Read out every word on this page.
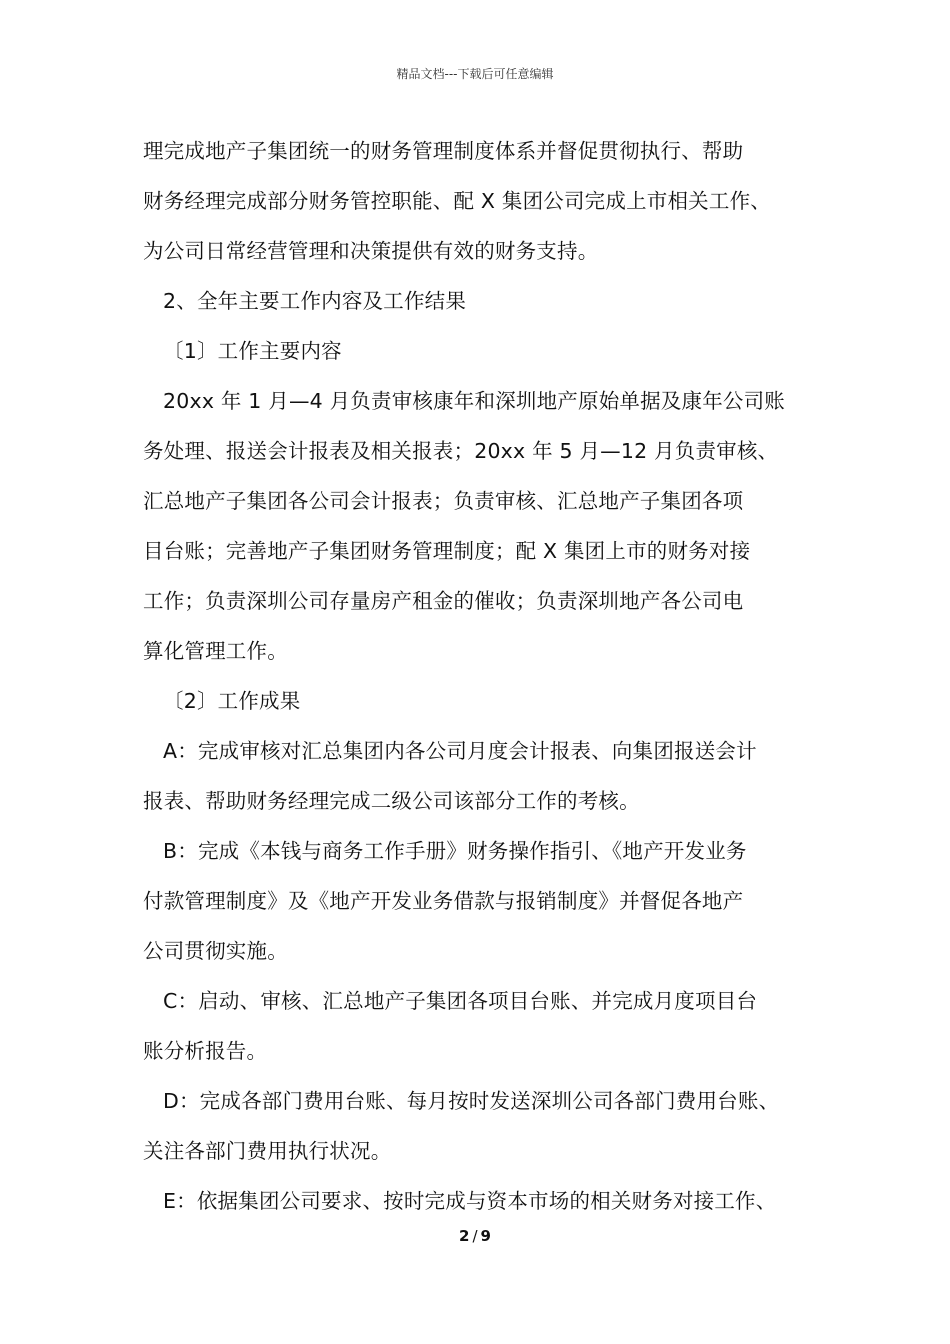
精品文档---下载后可任意编辑
理完成地产子集团统一的财务管理制度体系并督促贯彻执行、帮助
财务经理完成部分财务管控职能、配 X 集团公司完成上市相关工作、
为公司日常经营管理和决策提供有效的财务支持。
2、全年主要工作内容及工作结果
〔1〕工作主要内容
20xx 年 1 月—4 月负责审核康年和深圳地产原始单据及康年公司账
务处理、报送会计报表及相关报表；20xx 年 5 月—12 月负责审核、
汇总地产子集团各公司会计报表；负责审核、汇总地产子集团各项
目台账；完善地产子集团财务管理制度；配 X 集团上市的财务对接
工作；负责深圳公司存量房产租金的催收；负责深圳地产各公司电
算化管理工作。
〔2〕工作成果
A：完成审核对汇总集团内各公司月度会计报表、向集团报送会计
报表、帮助财务经理完成二级公司该部分工作的考核。
B：完成《本钱与商务工作手册》财务操作指引、《地产开发业务
付款管理制度》及《地产开发业务借款与报销制度》并督促各地产
公司贯彻实施。
C：启动、审核、汇总地产子集团各项目台账、并完成月度项目台
账分析报告。
D：完成各部门费用台账、每月按时发送深圳公司各部门费用台账、
关注各部门费用执行状况。
E：依据集团公司要求、按时完成与资本市场的相关财务对接工作、
2 / 9
